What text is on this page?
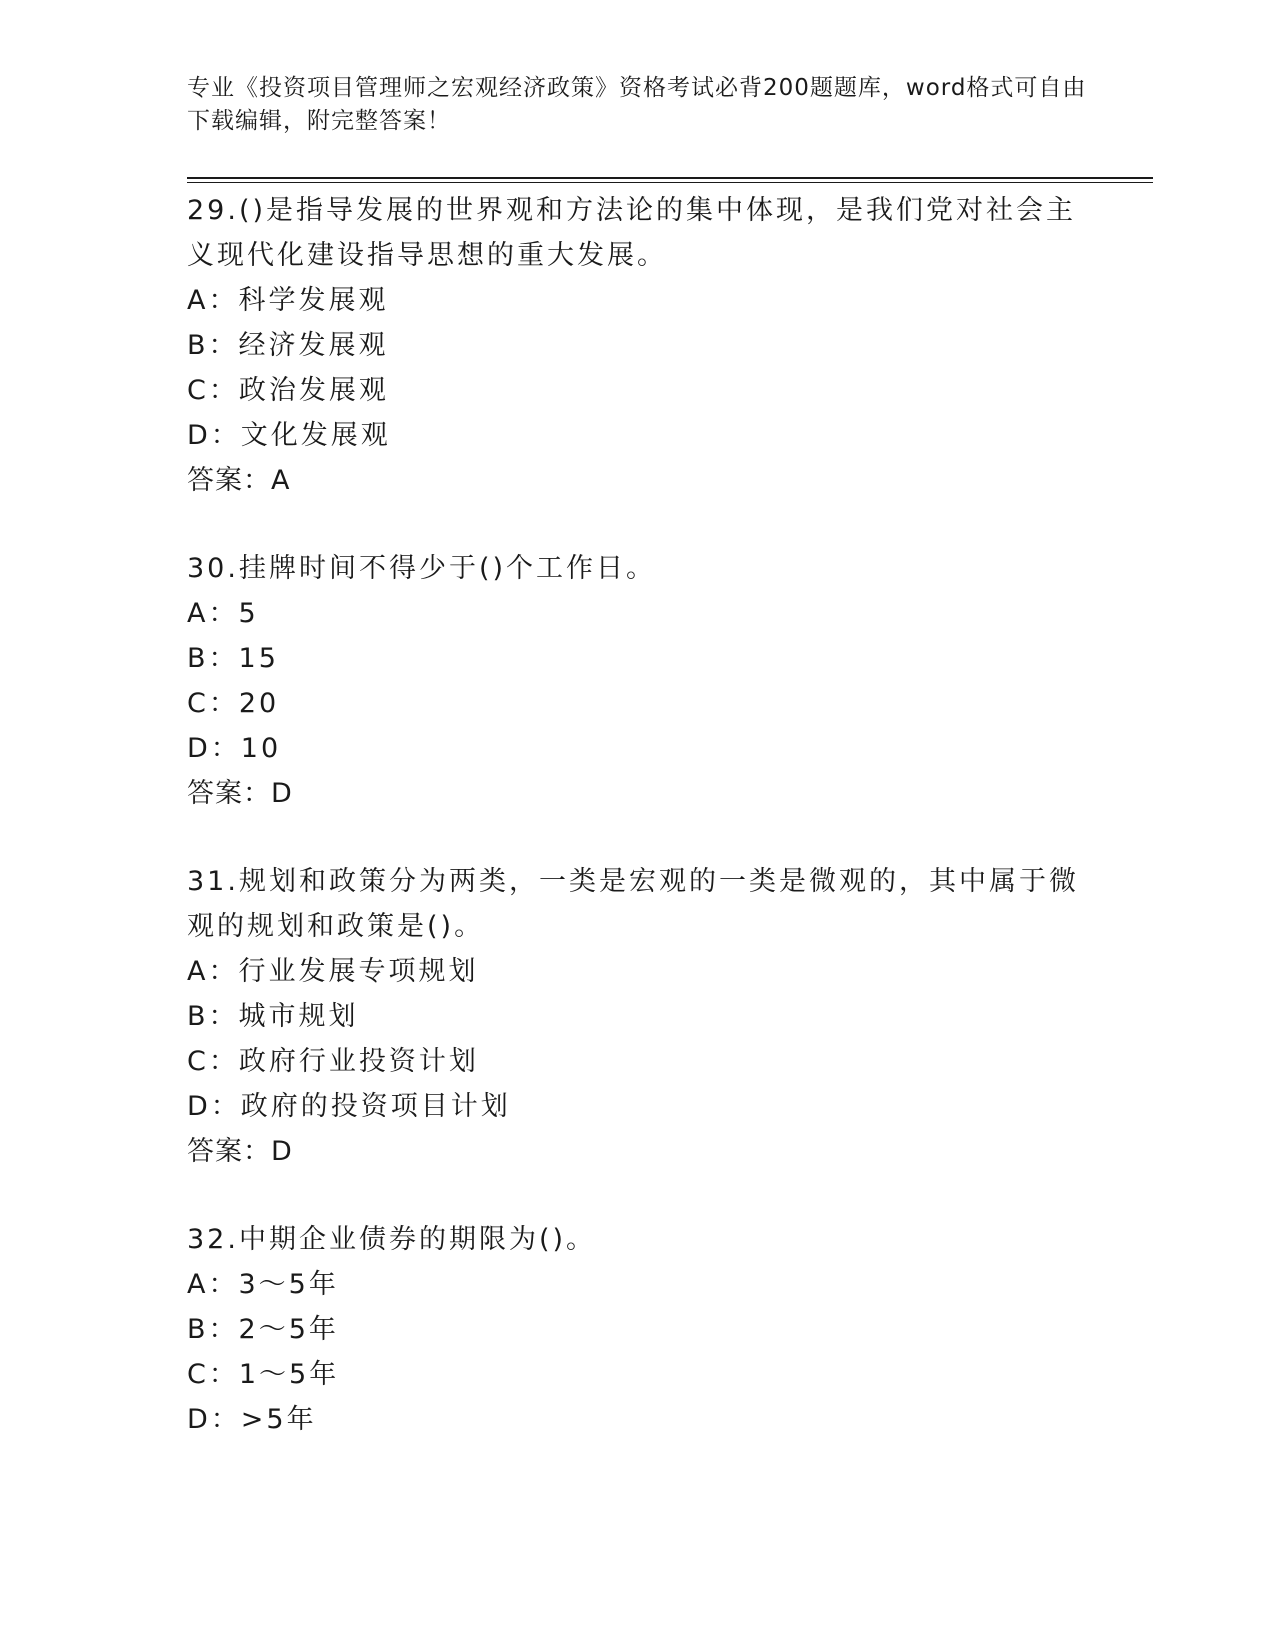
专业《投资项目管理师之宏观经济政策》资格考试必背200题题库，word格式可自由下载编辑，附完整答案！

29.()是指导发展的世界观和方法论的集中体现，是我们党对社会主义现代化建设指导思想的重大发展。

A：科学发展观

B：经济发展观

C：政治发展观

D：文化发展观

答案：A

30.挂牌时间不得少于()个工作日。

A：5

B：15

C：20

D：10

答案：D

31.规划和政策分为两类，一类是宏观的一类是微观的，其中属于微观的规划和政策是()。

A：行业发展专项规划

B：城市规划

C：政府行业投资计划

D：政府的投资项目计划

答案：D

32.中期企业债券的期限为()。

A：3～5年

B：2～5年

C：1～5年

D：>5年
